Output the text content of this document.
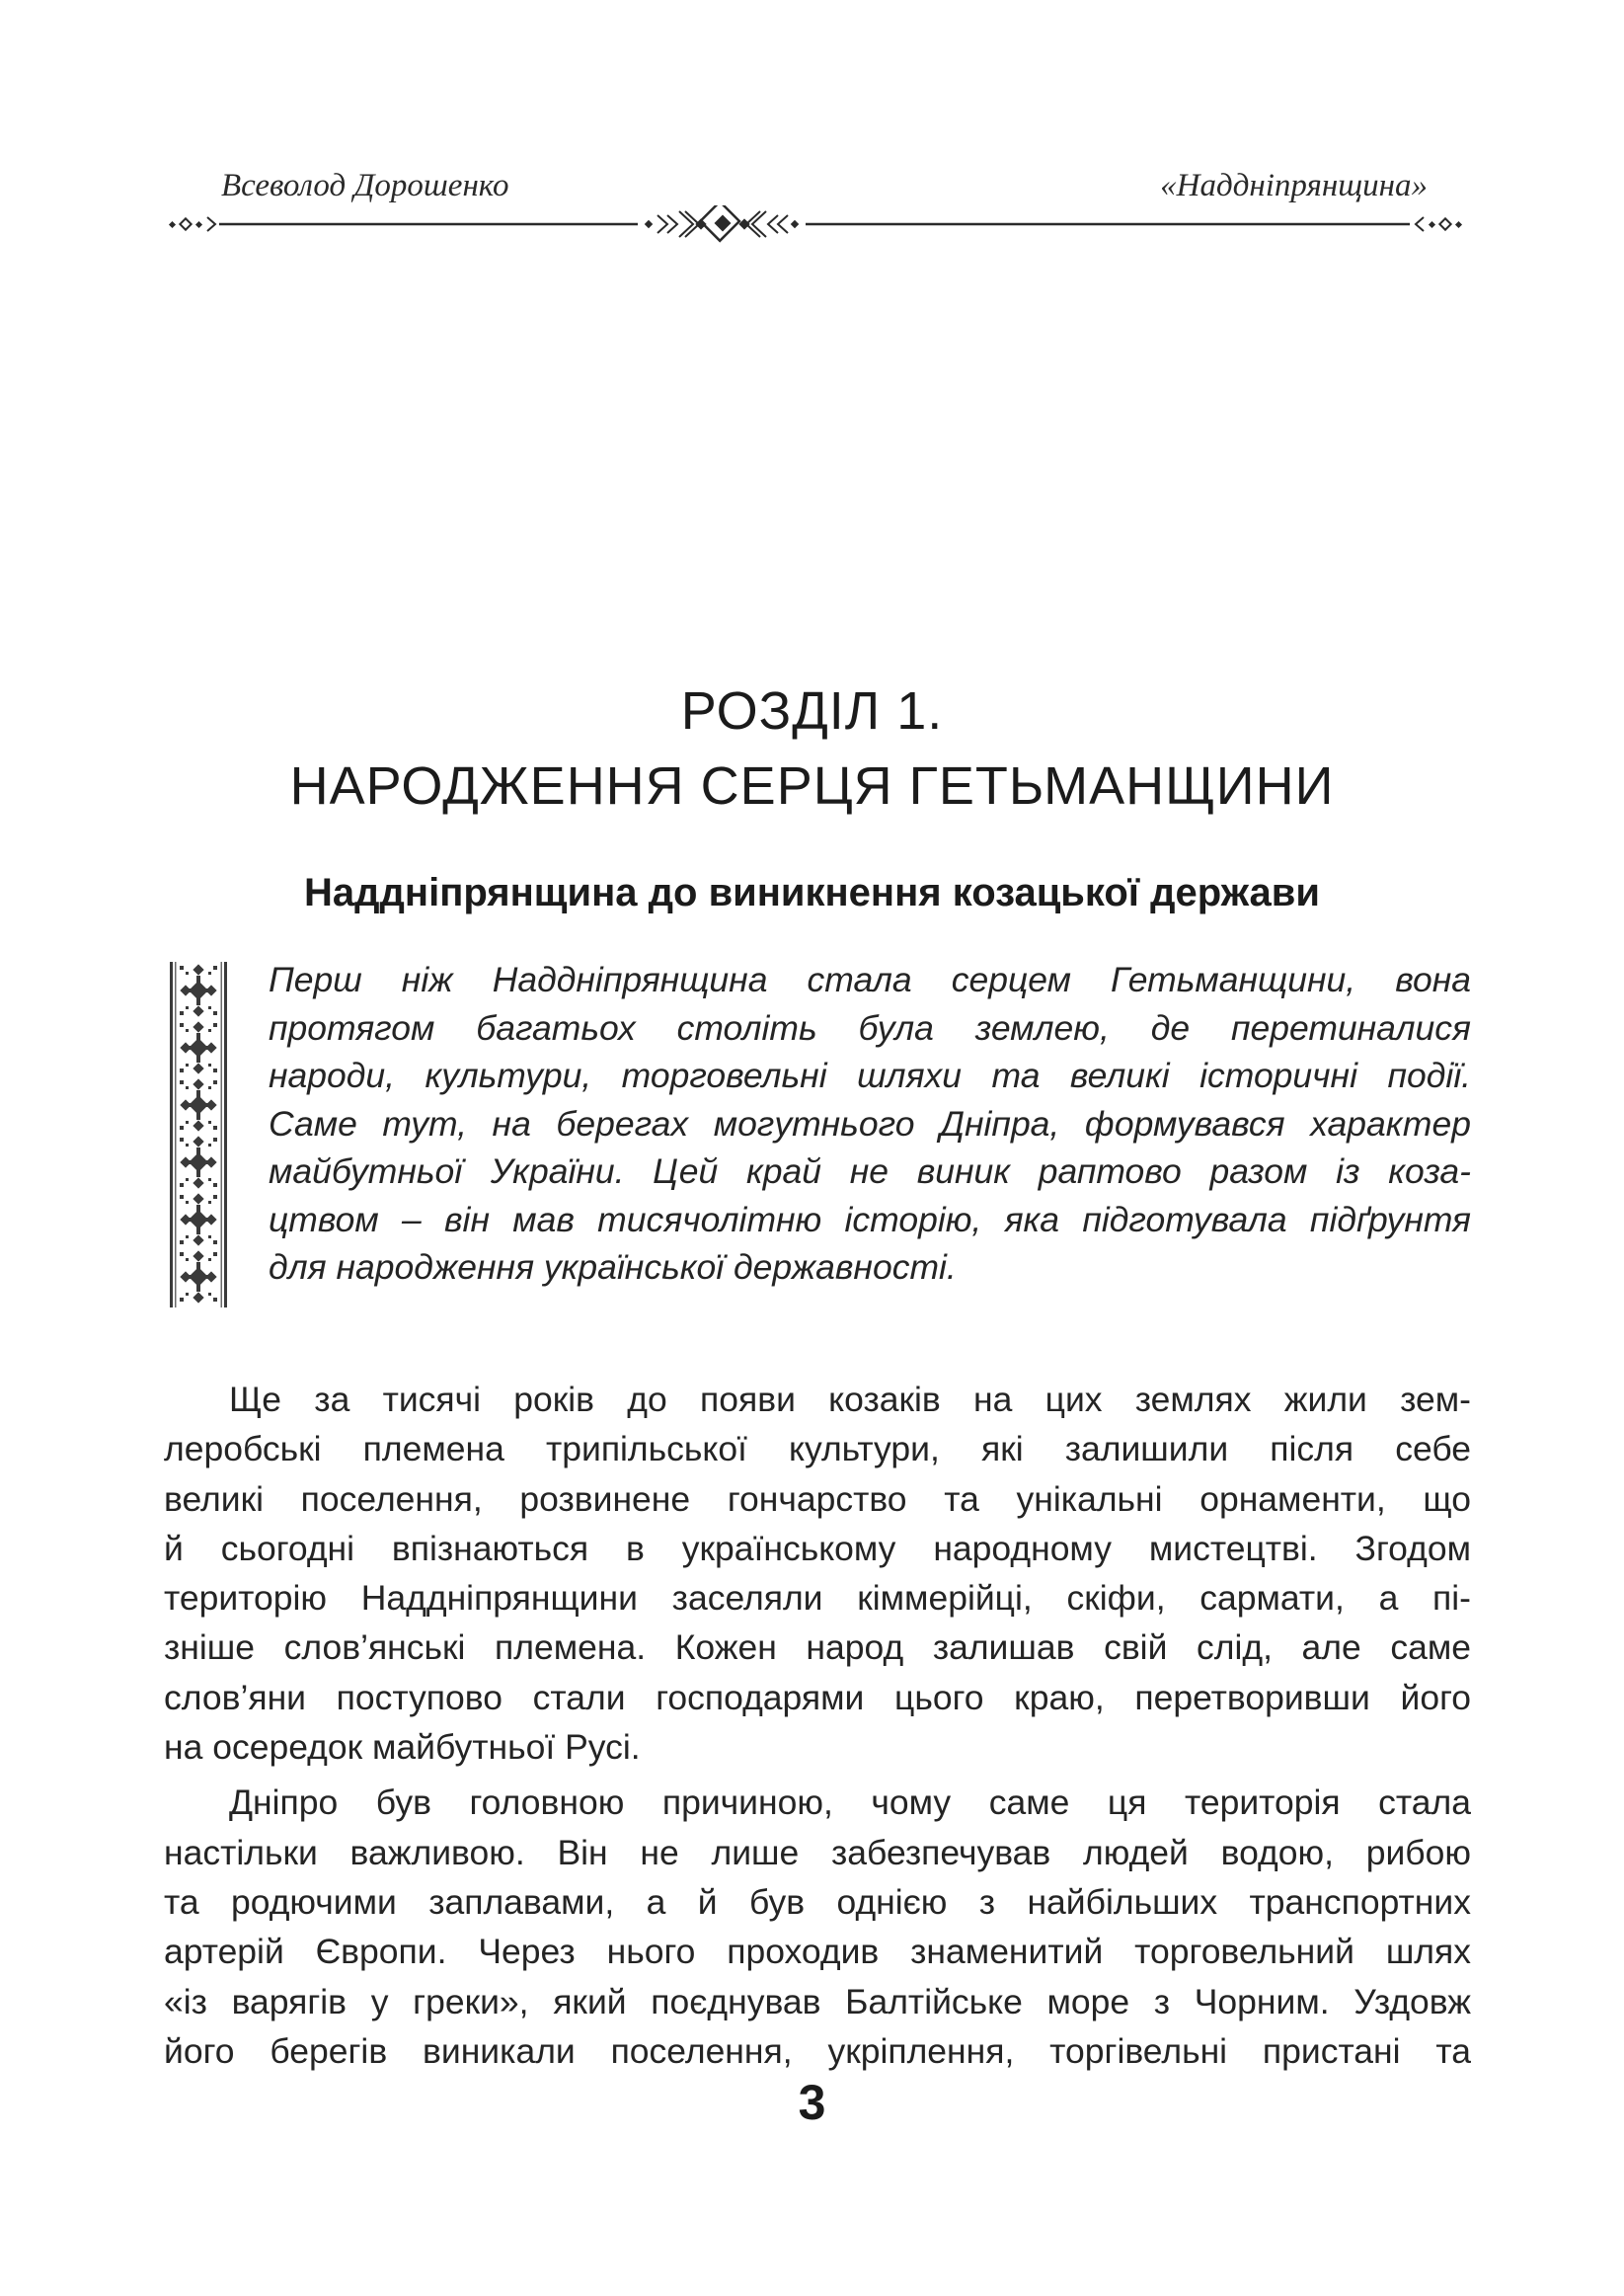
Всеволод Дорошенко	«Наддніпрянщина»
РОЗДІЛ 1.
НАРОДЖЕННЯ СЕРЦЯ ГЕТЬМАНЩИНИ
Наддніпрянщина до виникнення козацької держави
Перш ніж Наддніпрянщина стала серцем Гетьманщини, вона
протягом багатьох століть була землею, де перетиналися
народи, культури, торговельні шляхи та великі історичні події.
Саме тут, на берегах могутнього Дніпра, формувався характер
майбутньої України. Цей край не виник раптово разом із коза-
цтвом – він мав тисячолітню історію, яка підготувала підґрунтя
для народження української державності.
Ще за тисячі років до появи козаків на цих землях жили зем-
леробські племена трипільської культури, які залишили після себе
великі поселення, розвинене гончарство та унікальні орнаменти, що
й сьогодні впізнаються в українському народному мистецтві. Згодом
територію Наддніпрянщини заселяли кіммерійці, скіфи, сармати, а пі-
зніше слов’янські племена. Кожен народ залишав свій слід, але саме
слов’яни поступово стали господарями цього краю, перетворивши його
на осередок майбутньої Русі.
Дніпро був головною причиною, чому саме ця територія стала
настільки важливою. Він не лише забезпечував людей водою, рибою
та родючими заплавами, а й був однією з найбільших транспортних
артерій Європи. Через нього проходив знаменитий торговельний шлях
«із варягів у греки», який поєднував Балтійське море з Чорним. Уздовж
його берегів виникали поселення, укріплення, торгівельні пристані та
3
